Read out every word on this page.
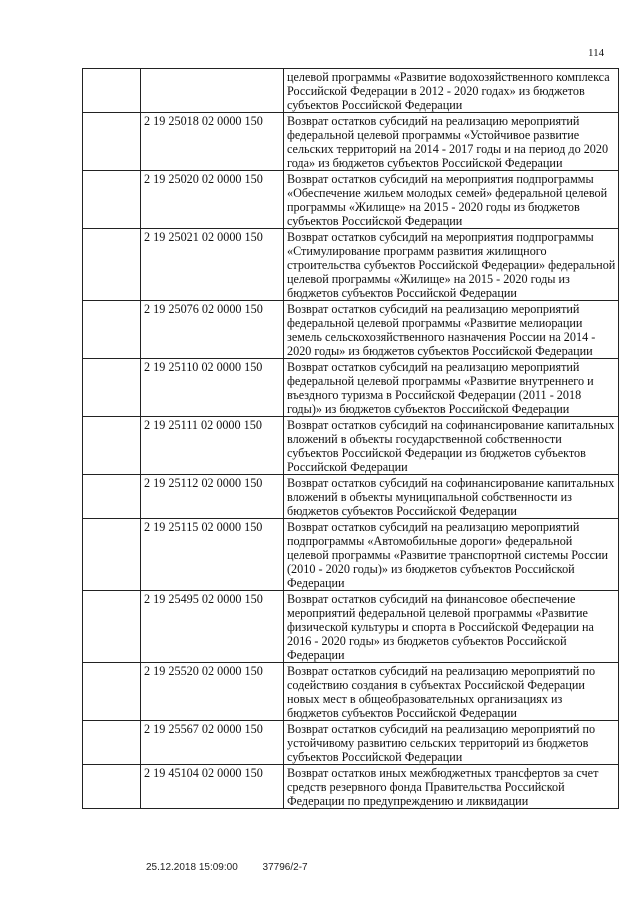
114
		целевой программы «Развитие водохозяйственного комплекса Российской Федерации в 2012 - 2020 годах» из бюджетов субъектов Российской Федерации
	2 19 25018 02 0000 150	Возврат остатков субсидий на реализацию мероприятий федеральной целевой программы «Устойчивое развитие сельских территорий на 2014 - 2017 годы и на период до 2020 года» из бюджетов субъектов Российской Федерации
	2 19 25020 02 0000 150	Возврат остатков субсидий на мероприятия подпрограммы «Обеспечение жильем молодых семей» федеральной целевой программы «Жилище» на 2015 - 2020 годы из бюджетов субъектов Российской Федерации
	2 19 25021 02 0000 150	Возврат остатков субсидий на мероприятия подпрограммы «Стимулирование программ развития жилищного строительства субъектов Российской Федерации» федеральной целевой программы «Жилище» на 2015 - 2020 годы из бюджетов субъектов Российской Федерации
	2 19 25076 02 0000 150	Возврат остатков субсидий на реализацию мероприятий федеральной целевой программы «Развитие мелиорации земель сельскохозяйственного назначения России на 2014 - 2020 годы» из бюджетов субъектов Российской Федерации
	2 19 25110 02 0000 150	Возврат остатков субсидий на реализацию мероприятий федеральной целевой программы «Развитие внутреннего и въездного туризма в Российской Федерации (2011 - 2018 годы)» из бюджетов субъектов Российской Федерации
	2 19 25111 02 0000 150	Возврат остатков субсидий на софинансирование капитальных вложений в объекты государственной собственности субъектов Российской Федерации из бюджетов субъектов Российской Федерации
	2 19 25112 02 0000 150	Возврат остатков субсидий на софинансирование капитальных вложений в объекты муниципальной собственности из бюджетов субъектов Российской Федерации
	2 19 25115 02 0000 150	Возврат остатков субсидий на реализацию мероприятий подпрограммы «Автомобильные дороги» федеральной целевой программы «Развитие транспортной системы России (2010 - 2020 годы)» из бюджетов субъектов Российской Федерации
	2 19 25495 02 0000 150	Возврат остатков субсидий на финансовое обеспечение мероприятий федеральной целевой программы «Развитие физической культуры и спорта в Российской Федерации на 2016 - 2020 годы» из бюджетов субъектов Российской Федерации
	2 19 25520 02 0000 150	Возврат остатков субсидий на реализацию мероприятий по содействию создания в субъектах Российской Федерации новых мест в общеобразовательных организациях из бюджетов субъектов Российской Федерации
	2 19 25567 02 0000 150	Возврат остатков субсидий на реализацию мероприятий по устойчивому развитию сельских территорий из бюджетов субъектов Российской Федерации
	2 19 45104 02 0000 150	Возврат остатков иных межбюджетных трансфертов за счет средств резервного фонда Правительства Российской Федерации по предупреждению и ликвидации
25.12.2018 15:09:00 37796/2-7
